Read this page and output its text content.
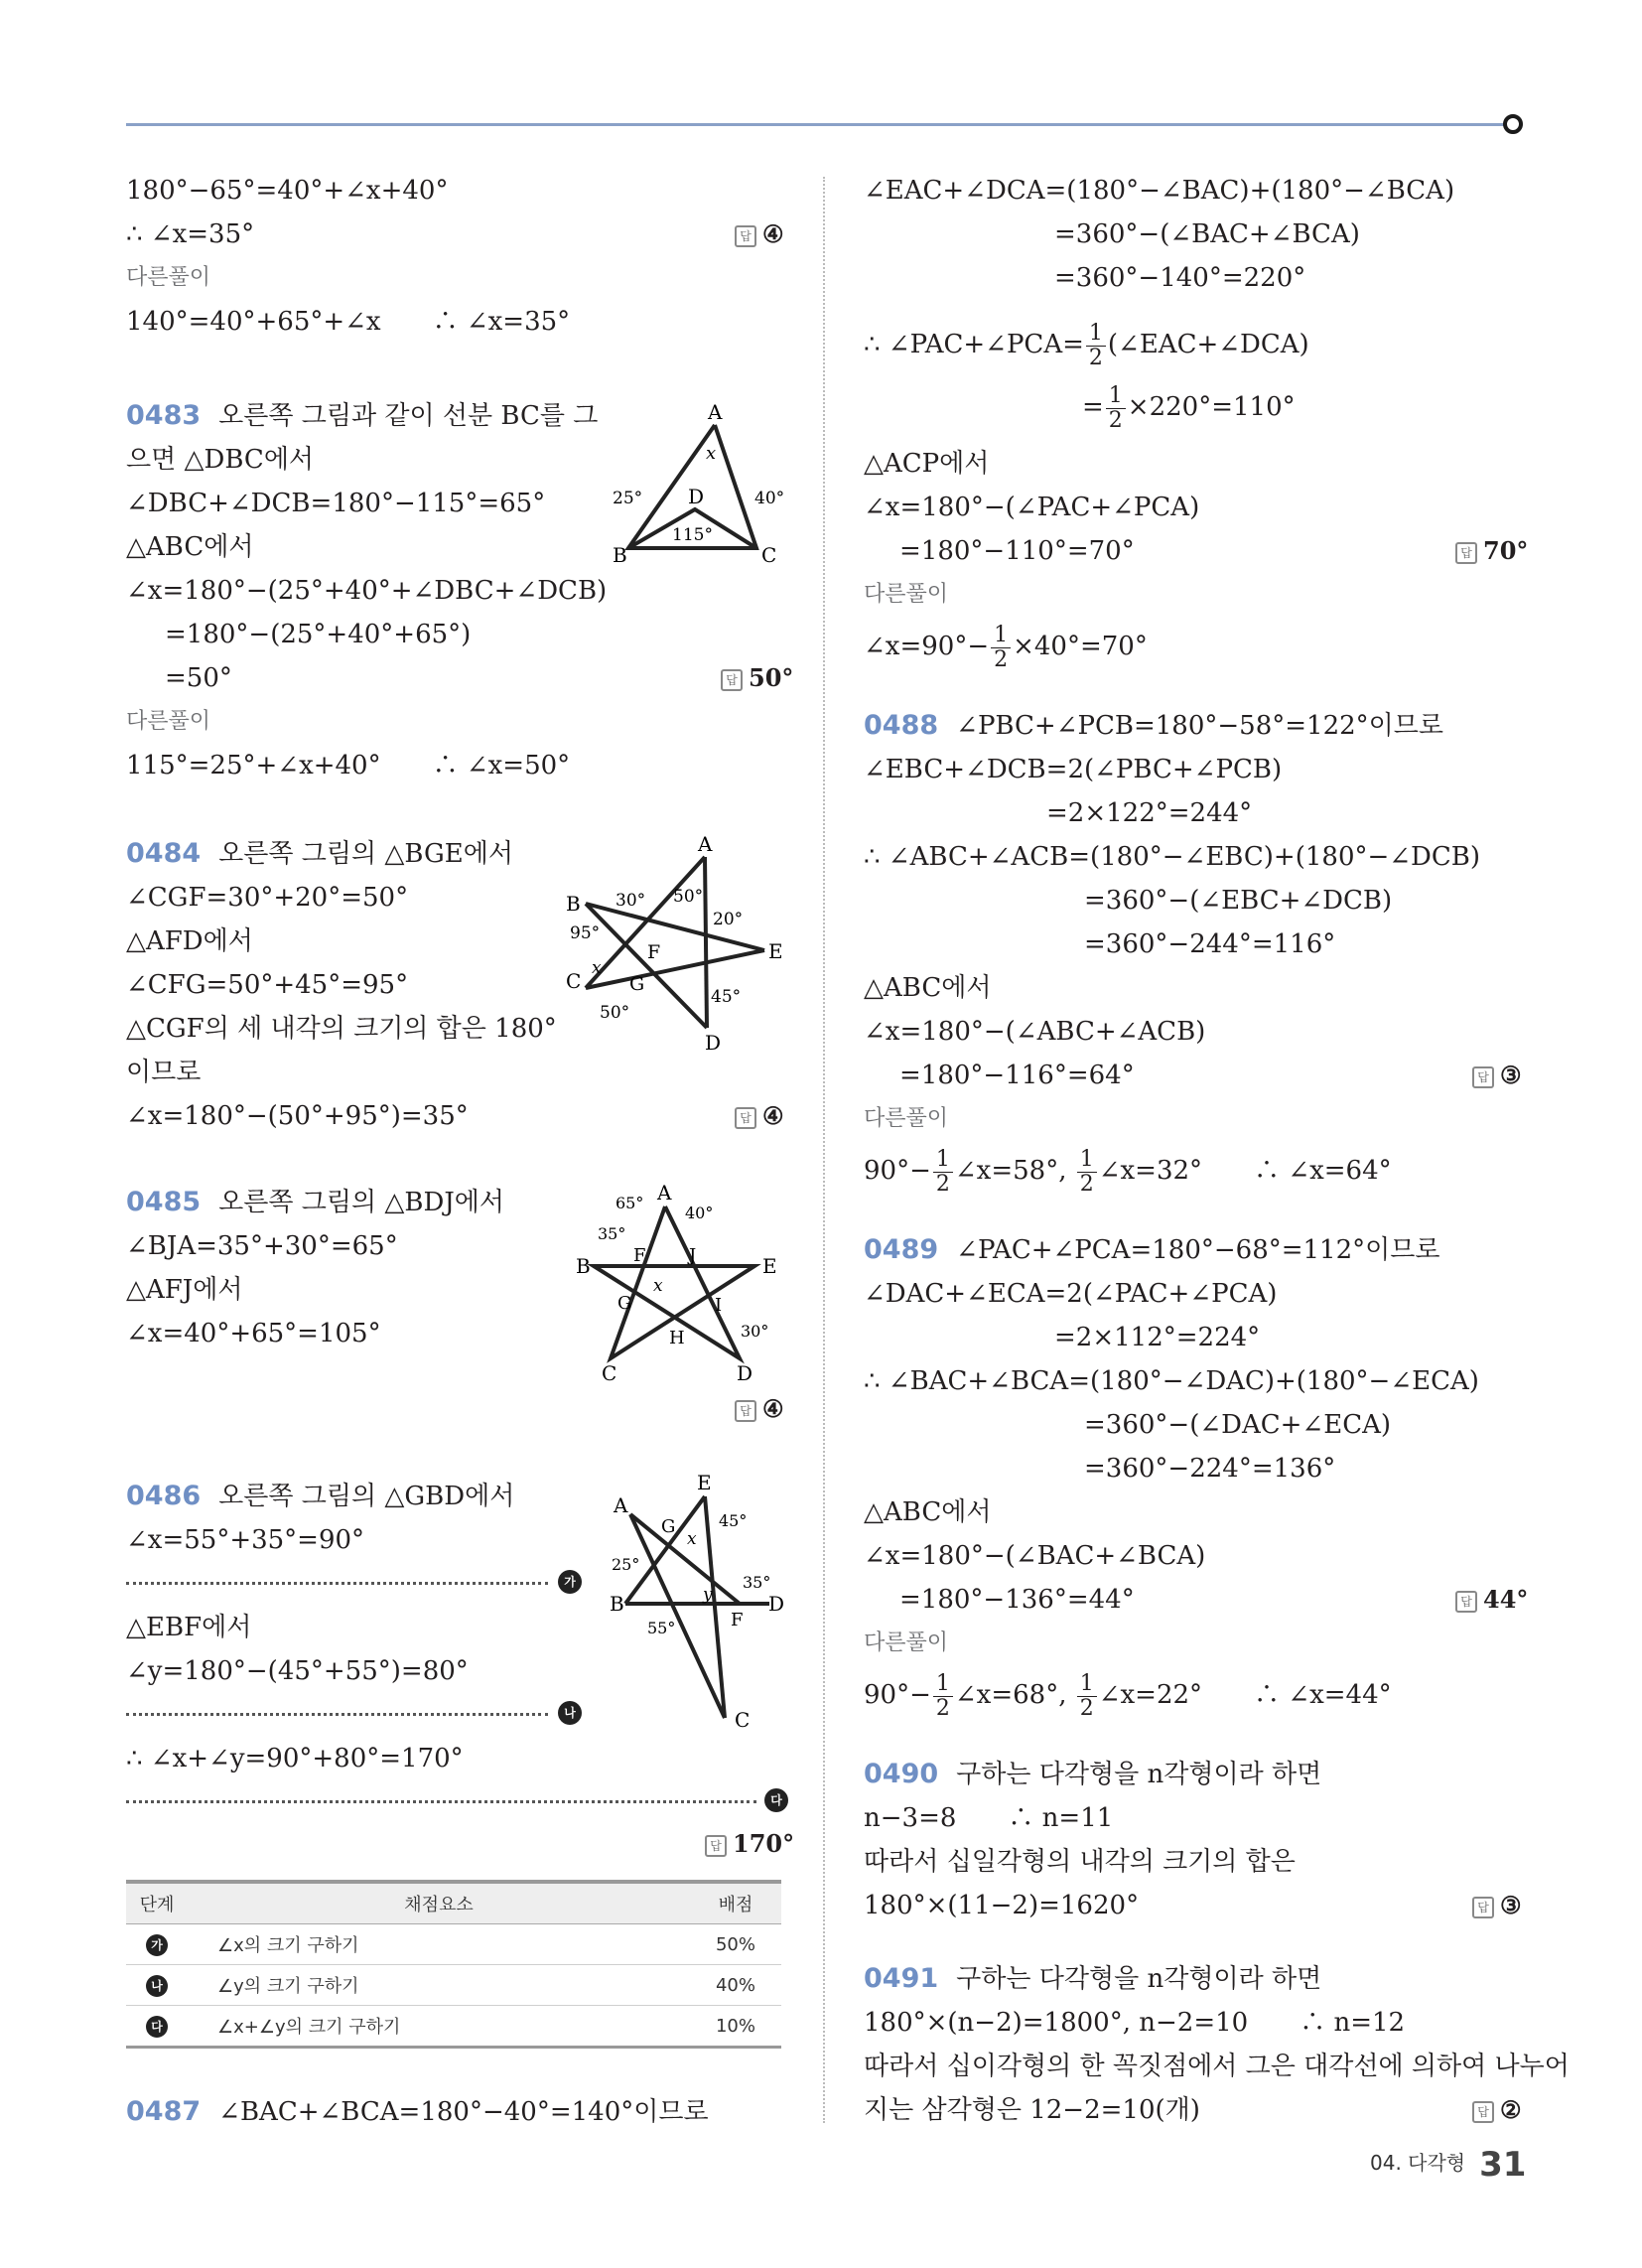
180°−65°=40°+∠x+40°
∴ ∠x=35°	답 ④
다른풀이
140°=40°+65°+∠x　　∴ ∠x=35°
0483 오른쪽 그림과 같이 선분 BC를 그
으면 △DBC에서
∠DBC+∠DCB=180°−115°=65°
△ABC에서
∠x=180°−(25°+40°+∠DBC+∠DCB)
=180°−(25°+40°+65°)
=50°	답 50°
다른풀이
115°=25°+∠x+40°　　∴ ∠x=50°
A
B	C
D
x
25°	40°
115°
0484 오른쪽 그림의 △BGE에서
∠CGF=30°+20°=50°
△AFD에서
∠CFG=50°+45°=95°
△CGF의 세 내각의 크기의 합은 180°
이므로
∠x=180°−(50°+95°)=35°	답 ④
A
B
C
D
E
F
G
x
30° 50°
20°
95°
50°
45°
0485 오른쪽 그림의 △BDJ에서
∠BJA=35°+30°=65°
△AFJ에서
∠x=40°+65°=105°
답 ④
A
B
C	D
E
F
G
H
I
J
x
65°
40°
35°
30°
0486 오른쪽 그림의 △GBD에서
∠x=55°+35°=90°
가
△EBF에서
∠y=180°−(45°+55°)=80°
나
∴ ∠x+∠y=90°+80°=170°
다
답 170°
A
B
C
D
E
F
G
x
y
45°
25°
35°
55°
단계	채점요소	배점
가	∠x의 크기 구하기	50%
나	∠y의 크기 구하기	40%
다	∠x+∠y의 크기 구하기	10%
0487 ∠BAC+∠BCA=180°−40°=140°이므로
∠EAC+∠DCA=(180°−∠BAC)+(180°−∠BCA)
=360°−(∠BAC+∠BCA)
=360°−140°=220°
∴ ∠PAC+∠PCA= $\frac{1}{2}$ (∠EAC+∠DCA)
= $\frac{1}{2} \times 220^\circ=110^\circ$
△ACP에서
∠x=180°−(∠PAC+∠PCA)
=180°−110°=70°	답 70°
다른풀이
∠x=90°− $\frac{1}{2} \times 40^\circ=70^\circ$
0488 ∠PBC+∠PCB=180°−58°=122°이므로
∠EBC+∠DCB=2(∠PBC+∠PCB)
=2×122°=244°
∴ ∠ABC+∠ACB=(180°−∠EBC)+(180°−∠DCB)
=360°−(∠EBC+∠DCB)
=360°−244°=116°
△ABC에서
∠x=180°−(∠ABC+∠ACB)
=180°−116°=64°	답 ③
다른풀이
$90^\circ- \frac{1}{2}$ ∠x=58°, $\frac{1}{2}$ ∠x=32°　　∴ ∠x=64°
0489 ∠PAC+∠PCA=180°−68°=112°이므로
∠DAC+∠ECA=2(∠PAC+∠PCA)
=2×112°=224°
∴ ∠BAC+∠BCA=(180°−∠DAC)+(180°−∠ECA)
=360°−(∠DAC+∠ECA)
=360°−224°=136°
△ABC에서
∠x=180°−(∠BAC+∠BCA)
=180°−136°=44°	답 44°
다른풀이
$90^\circ- \frac{1}{2}$ ∠x=68°, $\frac{1}{2}$ ∠x=22°　　∴ ∠x=44°
0490 구하는 다각형을 n각형이라 하면
n−3=8　　∴ n=11
따라서 십일각형의 내각의 크기의 합은
180°×(11−2)=1620°	답 ③
0491 구하는 다각형을 n각형이라 하면
180°×(n−2)=1800°, n−2=10　　∴ n=12
따라서 십이각형의 한 꼭짓점에서 그은 대각선에 의하여 나누어
지는 삼각형은 12−2=10(개)	답 ②
$^{04. 다각형}$ 31
